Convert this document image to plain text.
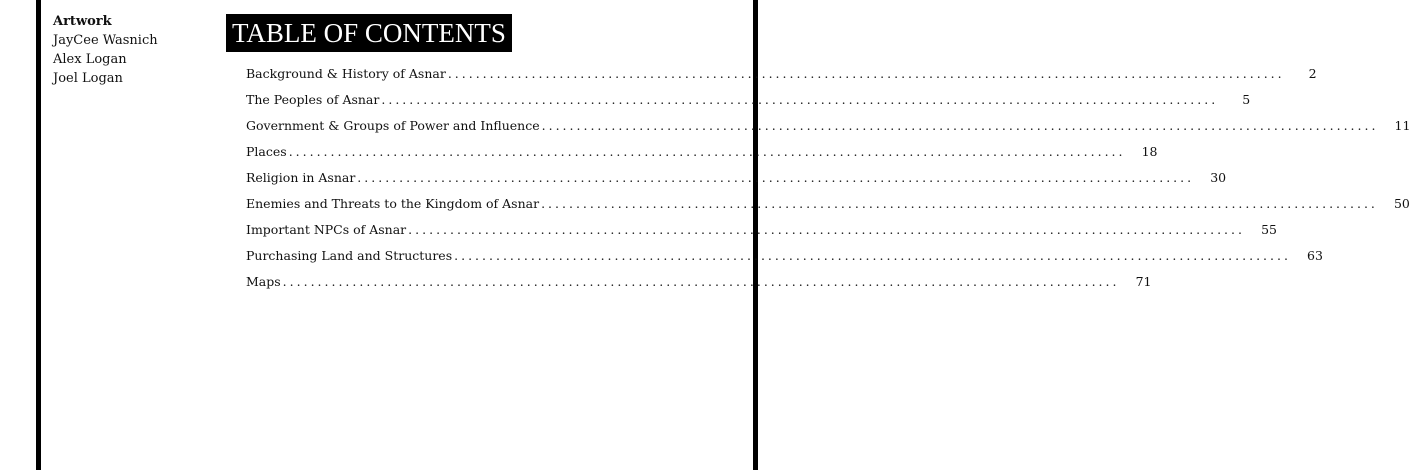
Artwork
JayCee Wasnich
Alex Logan
Joel Logan
TABLE OF CONTENTS
Background & History of Asnar ........................................................................................................................	2
The Peoples of Asnar ........................................................................................................................	5
Government & Groups of Power and Influence ........................................................................................................................	11
Places ........................................................................................................................	18
Religion in Asnar ........................................................................................................................	30
Enemies and Threats to the Kingdom of Asnar ........................................................................................................................	50
Important NPCs of Asnar ........................................................................................................................	55
Purchasing Land and Structures ........................................................................................................................	63
Maps ........................................................................................................................	71
